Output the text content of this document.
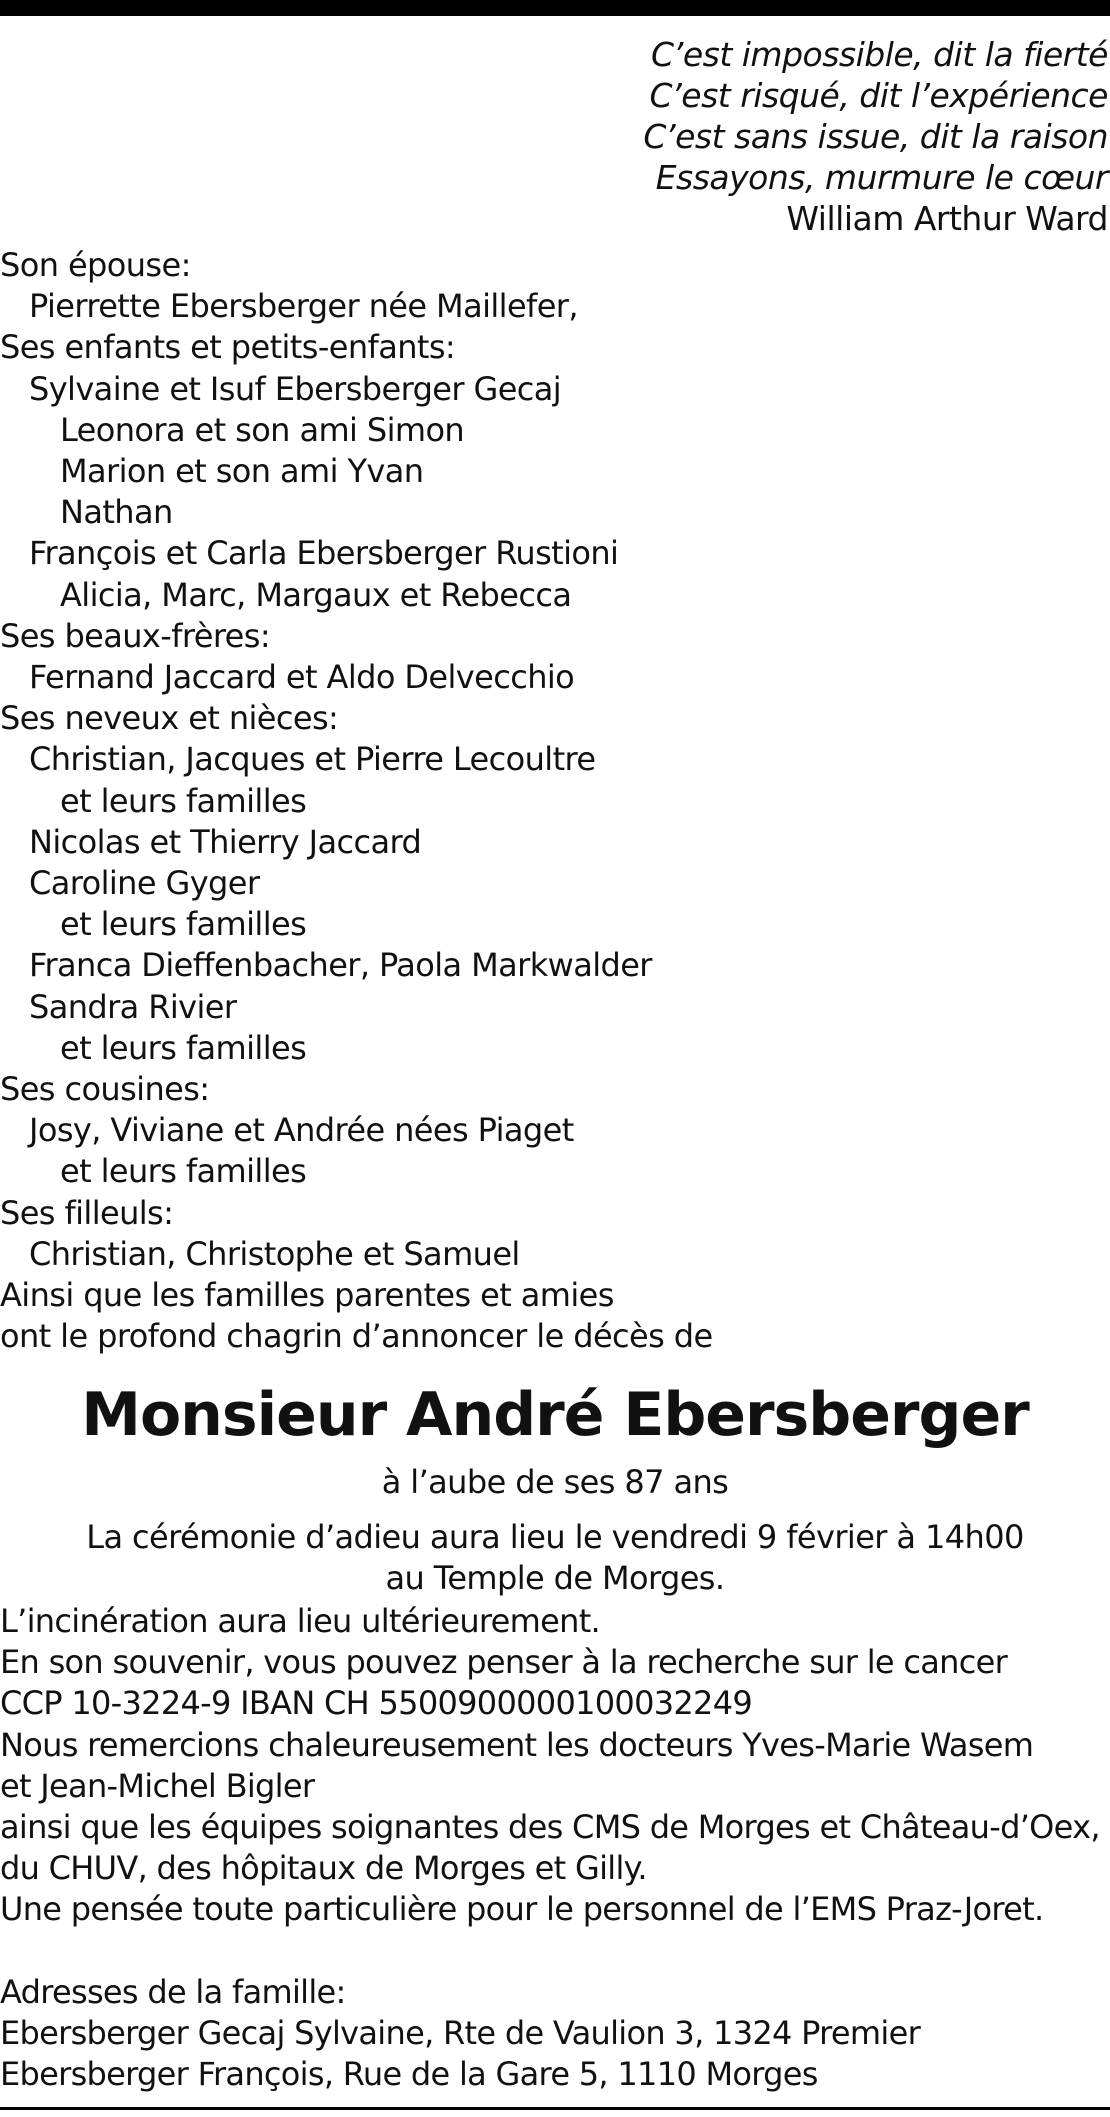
C’est impossible, dit la fierté
C’est risqué, dit l’expérience
C’est sans issue, dit la raison
Essayons, murmure le cœur
William Arthur Ward
Son épouse:
Pierrette Ebersberger née Maillefer,
Ses enfants et petits-enfants:
Sylvaine et Isuf Ebersberger Gecaj
Leonora et son ami Simon
Marion et son ami Yvan
Nathan
François et Carla Ebersberger Rustioni
Alicia, Marc, Margaux et Rebecca
Ses beaux-frères:
Fernand Jaccard et Aldo Delvecchio
Ses neveux et nièces:
Christian, Jacques et Pierre Lecoultre
et leurs familles
Nicolas et Thierry Jaccard
Caroline Gyger
et leurs familles
Franca Dieffenbacher, Paola Markwalder
Sandra Rivier
et leurs familles
Ses cousines:
Josy, Viviane et Andrée nées Piaget
et leurs familles
Ses filleuls:
Christian, Christophe et Samuel
Ainsi que les familles parentes et amies
ont le profond chagrin d’annoncer le décès de
Monsieur André Ebersberger
à l’aube de ses 87 ans
La cérémonie d’adieu aura lieu le vendredi 9 février à 14h00
au Temple de Morges.
L’incinération aura lieu ultérieurement.
En son souvenir, vous pouvez penser à la recherche sur le cancer
CCP 10-3224-9 IBAN CH 5500900000100032249
Nous remercions chaleureusement les docteurs Yves-Marie Wasem
et Jean-Michel Bigler
ainsi que les équipes soignantes des CMS de Morges et Château-d’Oex,
du CHUV, des hôpitaux de Morges et Gilly.
Une pensée toute particulière pour le personnel de l’EMS Praz-Joret.
Adresses de la famille:
Ebersberger Gecaj Sylvaine, Rte de Vaulion 3, 1324 Premier
Ebersberger François, Rue de la Gare 5, 1110 Morges
